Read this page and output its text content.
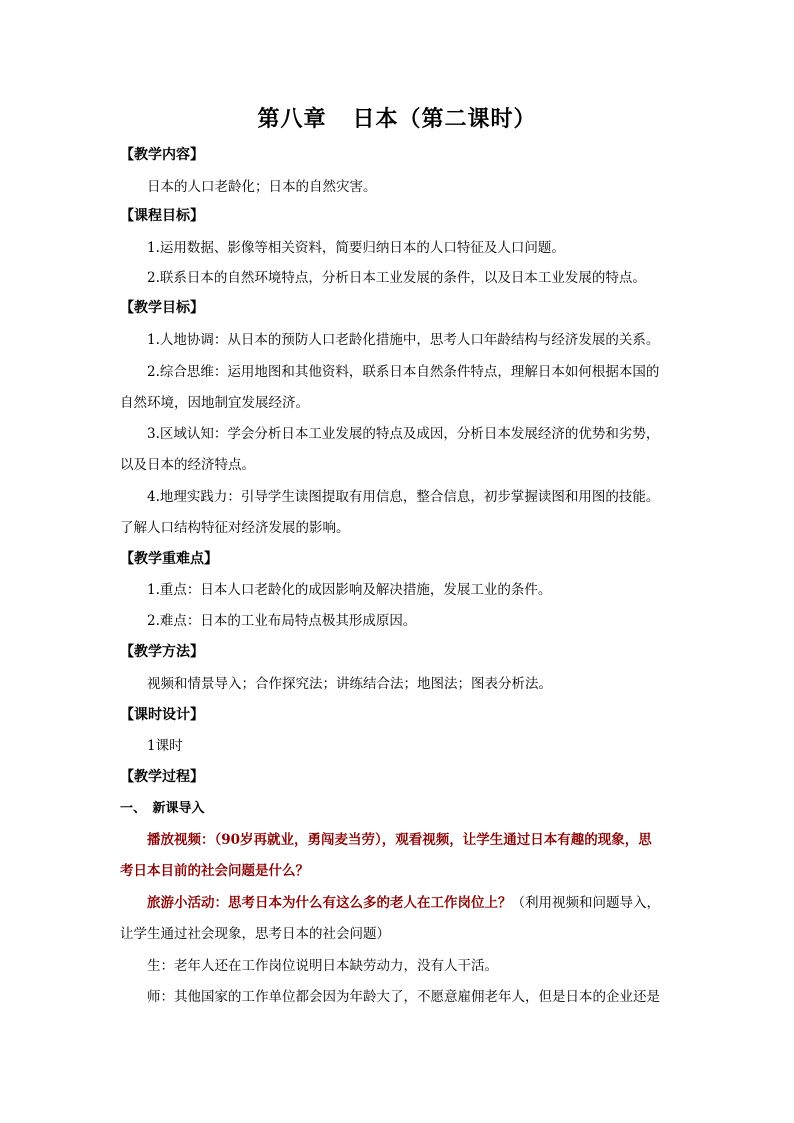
第八章 日本（第二课时）
【教学内容】
日本的人口老龄化；日本的自然灾害。
【课程目标】
1.运用数据、影像等相关资料，简要归纳日本的人口特征及人口问题。
2.联系日本的自然环境特点，分析日本工业发展的条件，以及日本工业发展的特点。
【教学目标】
1.人地协调：从日本的预防人口老龄化措施中，思考人口年龄结构与经济发展的关系。
2.综合思维：运用地图和其他资料，联系日本自然条件特点，理解日本如何根据本国的
自然环境，因地制宜发展经济。
3.区域认知：学会分析日本工业发展的特点及成因，分析日本发展经济的优势和劣势，
以及日本的经济特点。
4.地理实践力：引导学生读图提取有用信息，整合信息，初步掌握读图和用图的技能。
了解人口结构特征对经济发展的影响。
【教学重难点】
1.重点：日本人口老龄化的成因影响及解决措施，发展工业的条件。
2.难点：日本的工业布局特点极其形成原因。
【教学方法】
视频和情景导入；合作探究法；讲练结合法；地图法；图表分析法。
【课时设计】
1课时
【教学过程】
一、　新课导入
播放视频：（90岁再就业，勇闯麦当劳），观看视频，让学生通过日本有趣的现象，思
考日本目前的社会问题是什么？
旅游小活动：思考日本为什么有这么多的老人在工作岗位上？（利用视频和问题导入，
让学生通过社会现象，思考日本的社会问题）
生：老年人还在工作岗位说明日本缺劳动力，没有人干活。
师：其他国家的工作单位都会因为年龄大了，不愿意雇佣老年人，但是日本的企业还是
